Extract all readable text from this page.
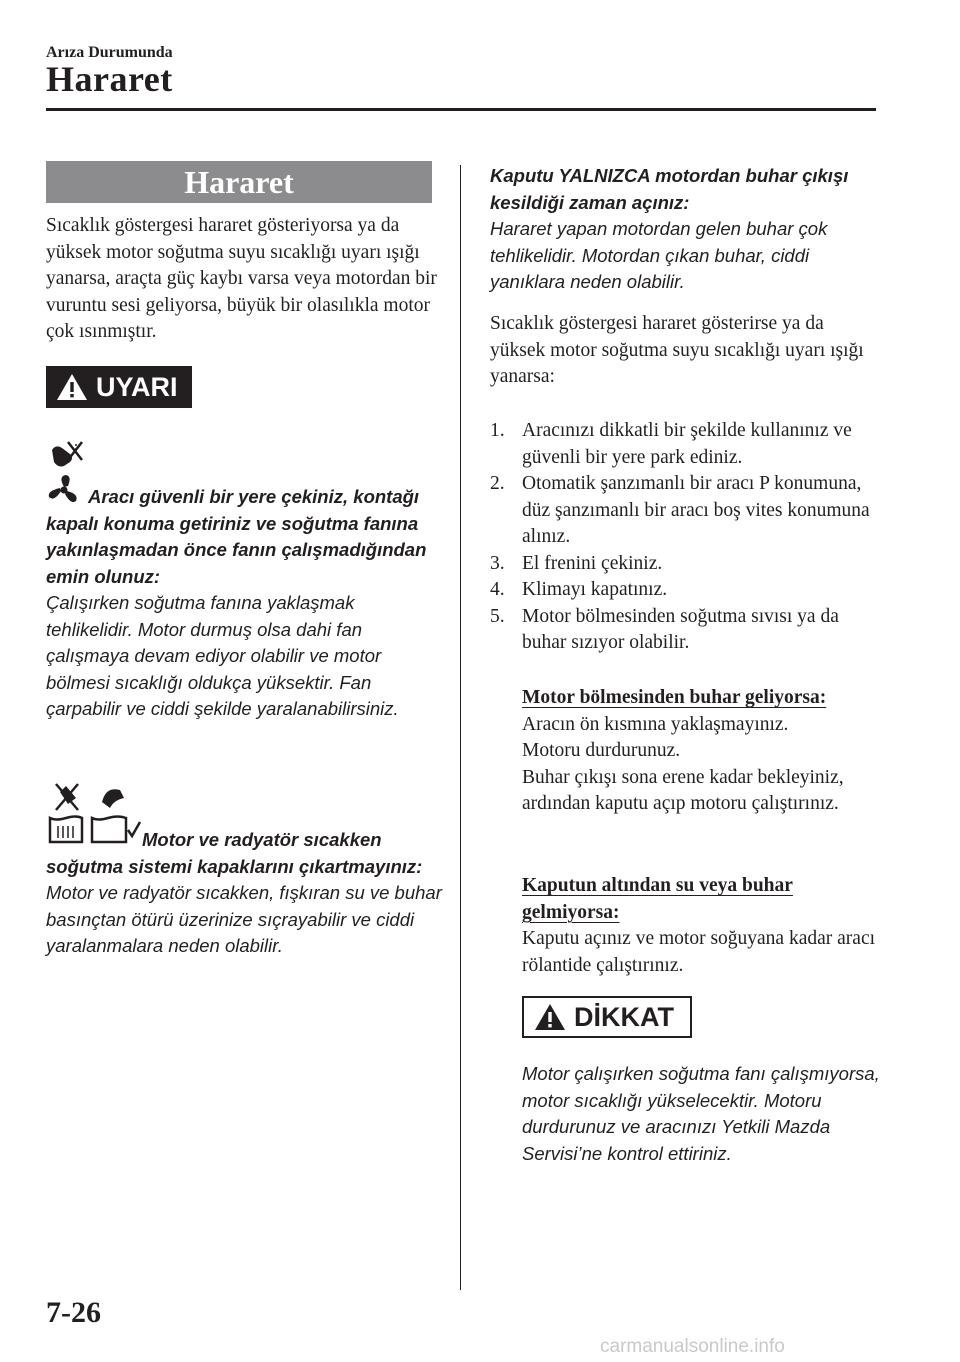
Arıza Durumunda
Hararet
Hararet
Sıcaklık göstergesi hararet gösteriyorsa ya da yüksek motor soğutma suyu sıcaklığı uyarı ışığı yanarsa, araçta güç kaybı varsa veya motordan bir vuruntu sesi geliyorsa, büyük bir olasılıkla motor çok ısınmıştır.
UYARI
Aracı güvenli bir yere çekiniz, kontağı kapalı konuma getiriniz ve soğutma fanına yakınlaşmadan önce fanın çalışmadığından emin olunuz:
Çalışırken soğutma fanına yaklaşmak tehlikelidir. Motor durmuş olsa dahi fan çalışmaya devam ediyor olabilir ve motor bölmesi sıcaklığı oldukça yüksektir. Fan çarpabilir ve ciddi şekilde yaralanabilirsiniz.
Motor ve radyatör sıcakken soğutma sistemi kapaklarını çıkartmayınız:
Motor ve radyatör sıcakken, fışkıran su ve buhar basınçtan ötürü üzerinize sıçrayabilir ve ciddi yaralanmalara neden olabilir.
Kaputu YALNIZCA motordan buhar çıkışı kesildiği zaman açınız:
Hararet yapan motordan gelen buhar çok tehlikelidir. Motordan çıkan buhar, ciddi yanıklara neden olabilir.
Sıcaklık göstergesi hararet gösterirse ya da yüksek motor soğutma suyu sıcaklığı uyarı ışığı yanarsa:
1. Aracınızı dikkatli bir şekilde kullanınız ve güvenli bir yere park ediniz.
2. Otomatik şanzımanlı bir aracı P konumuna, düz şanzımanlı bir aracı boş vites konumuna alınız.
3. El frenini çekiniz.
4. Klimayı kapatınız.
5. Motor bölmesinden soğutma sıvısı ya da buhar sızıyor olabilir.
Motor bölmesinden buhar geliyorsa:
Aracın ön kısmına yaklaşmayınız.
Motoru durdurunuz.
Buhar çıkışı sona erene kadar bekleyiniz, ardından kaputu açıp motoru çalıştırınız.
Kaputun altından su veya buhar gelmiyorsa:
Kaputu açınız ve motor soğuyana kadar aracı rölantide çalıştırınız.
DİKKAT
Motor çalışırken soğutma fanı çalışmıyorsa, motor sıcaklığı yükselecektir. Motoru durdurunuz ve aracınızı Yetkili Mazda Servisi’ne kontrol ettiriniz.
7-26
carmanualsonline.info
